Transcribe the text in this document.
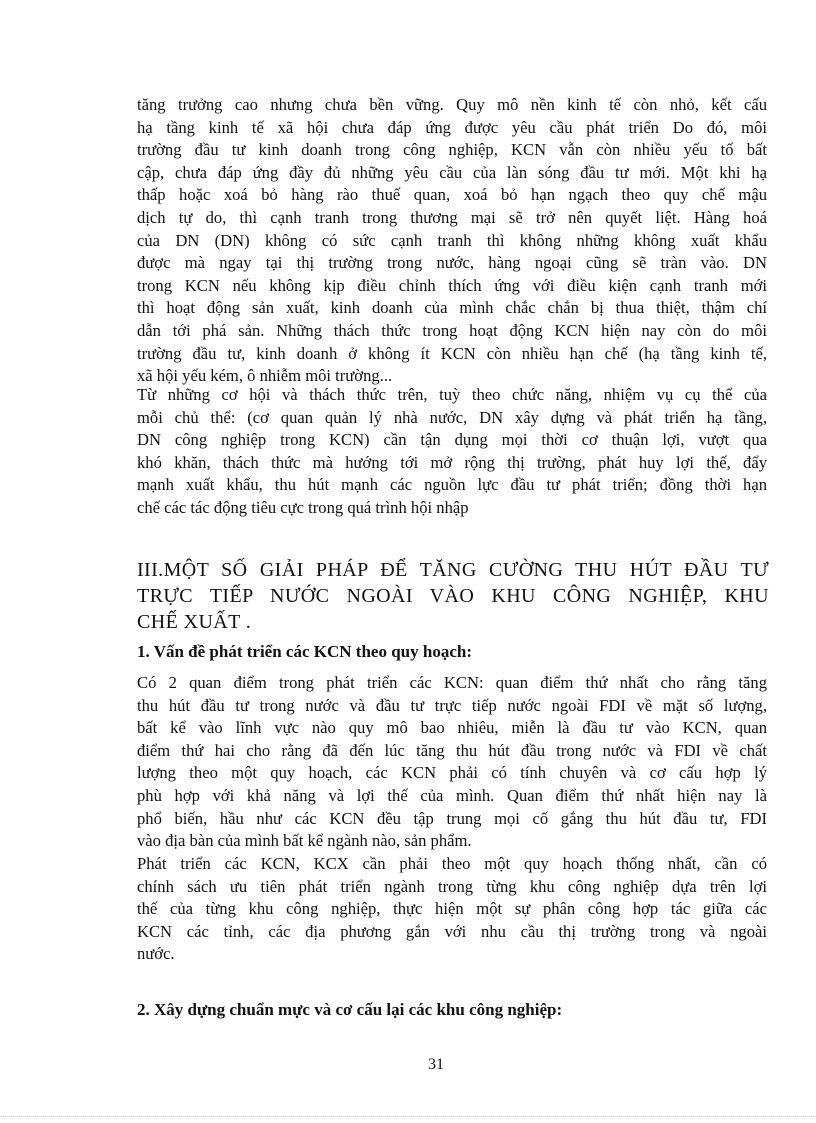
tăng trưởng cao nhưng chưa bền vững. Quy mô nền kinh tế còn nhỏ, kết cấu
hạ tầng kinh tế xã hội chưa đáp ứng được yêu cầu phát triển Do đó, môi
trường đầu tư kinh doanh trong công nghiệp, KCN vẫn còn nhiều yếu tố bất
cập, chưa đáp ứng đầy đủ những yêu cầu của làn sóng đầu tư mới. Một khi hạ
thấp hoặc xoá bỏ hàng rào thuế quan, xoá bỏ hạn ngạch theo quy chế mậu
dịch tự do, thì cạnh tranh trong thương mại sẽ trở nên quyết liệt. Hàng hoá
của DN (DN) không có sức cạnh tranh thì không những không xuất khẩu
được mà ngay tại thị trường trong nước, hàng ngoại cũng sẽ tràn vào. DN
trong KCN nếu không kịp điều chỉnh thích ứng với điều kiện cạnh tranh mới
thì hoạt động sản xuất, kinh doanh của mình chắc chắn bị thua thiệt, thậm chí
dẫn tới phá sản. Những thách thức trong hoạt động KCN hiện nay còn do môi
trường đầu tư, kinh doanh ở không ít KCN còn nhiều hạn chế (hạ tầng kinh tế,
xã hội yếu kém, ô nhiễm môi trường...
Từ những cơ hội và thách thức trên, tuỳ theo chức năng, nhiệm vụ cụ thể của
mỗi chủ thể: (cơ quan quản lý nhà nước, DN xây dựng và phát triển hạ tầng,
DN công nghiệp trong KCN) cần tận dụng mọi thời cơ thuận lợi, vượt qua
khó khăn, thách thức mà hướng tới mở rộng thị trường, phát huy lợi thế, đẩy
mạnh xuất khẩu, thu hút mạnh các nguồn lực đầu tư phát triển; đồng thời hạn
chế các tác động tiêu cực trong quá trình hội nhập
III.MỘT SỐ GIẢI PHÁP ĐỂ TĂNG CƯỜNG THU HÚT ĐẦU TƯ
TRỰC TIẾP NƯỚC NGOÀI VÀO KHU CÔNG NGHIỆP, KHU
CHẾ XUẤT .
1. Vấn đề phát triển các KCN theo quy hoạch:
Có 2 quan điểm trong phát triển các KCN: quan điểm thứ nhất cho rằng tăng
thu hút đầu tư trong nước và đầu tư trực tiếp nước ngoài FDI về mặt số lượng,
bất kể vào lĩnh vực nào quy mô bao nhiêu, miễn là đầu tư vào KCN, quan
điểm thứ hai cho rằng đã đến lúc tăng thu hút đầu trong nước và FDI về chất
lượng theo một quy hoạch, các KCN phải có tính chuyên và cơ cấu hợp lý
phù hợp với khả năng và lợi thế của mình. Quan điểm thứ nhất hiện nay là
phổ biến, hầu như các KCN đều tập trung mọi cố gắng thu hút đầu tư, FDI
vào địa bàn của mình bất kể ngành nào, sản phẩm.
Phát triển các KCN, KCX cần phải theo một quy hoạch thống nhất, cần có
chính sách ưu tiên phát triển ngành trong từng khu công nghiệp dựa trên lợi
thế của từng khu công nghiệp, thực hiện một sự phân công hợp tác giữa các
KCN các tỉnh, các địa phương gắn với nhu cầu thị trường trong và ngoài
nước.
2. Xây dựng chuẩn mực và cơ cấu lại các khu công nghiệp:
31
